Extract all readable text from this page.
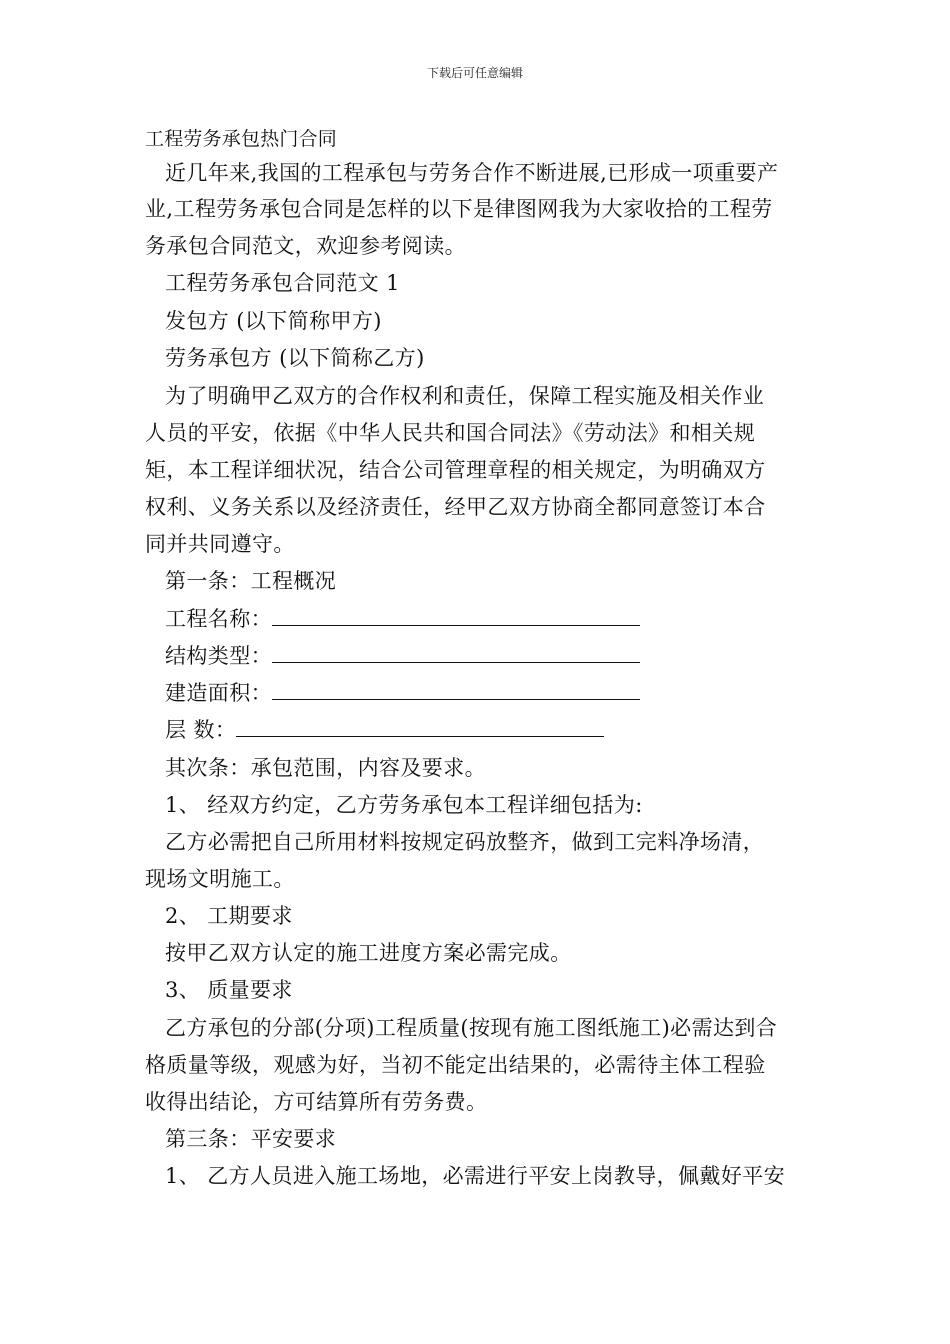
下载后可任意编辑
工程劳务承包热门合同
近几年来,我国的工程承包与劳务合作不断进展,已形成一项重要产
业,工程劳务承包合同是怎样的以下是律图网我为大家收拾的工程劳
务承包合同范文，欢迎参考阅读。
工程劳务承包合同范文 1
发包方 (以下简称甲方)
劳务承包方 (以下简称乙方)
为了明确甲乙双方的合作权利和责任，保障工程实施及相关作业
人员的平安，依据《中华人民共和国合同法》《劳动法》和相关规
矩，本工程详细状况，结合公司管理章程的相关规定，为明确双方
权利、义务关系以及经济责任，经甲乙双方协商全都同意签订本合
同并共同遵守。
第一条：工程概况
工程名称：
结构类型：
建造面积：
层 数：
其次条：承包范围，内容及要求。
1、 经双方约定，乙方劳务承包本工程详细包括为:
乙方必需把自己所用材料按规定码放整齐，做到工完料净场清，
现场文明施工。
2、 工期要求
按甲乙双方认定的施工进度方案必需完成。
3、 质量要求
乙方承包的分部(分项)工程质量(按现有施工图纸施工)必需达到合
格质量等级，观感为好，当初不能定出结果的，必需待主体工程验
收得出结论，方可结算所有劳务费。
第三条：平安要求
1、 乙方人员进入施工场地，必需进行平安上岗教导，佩戴好平安
